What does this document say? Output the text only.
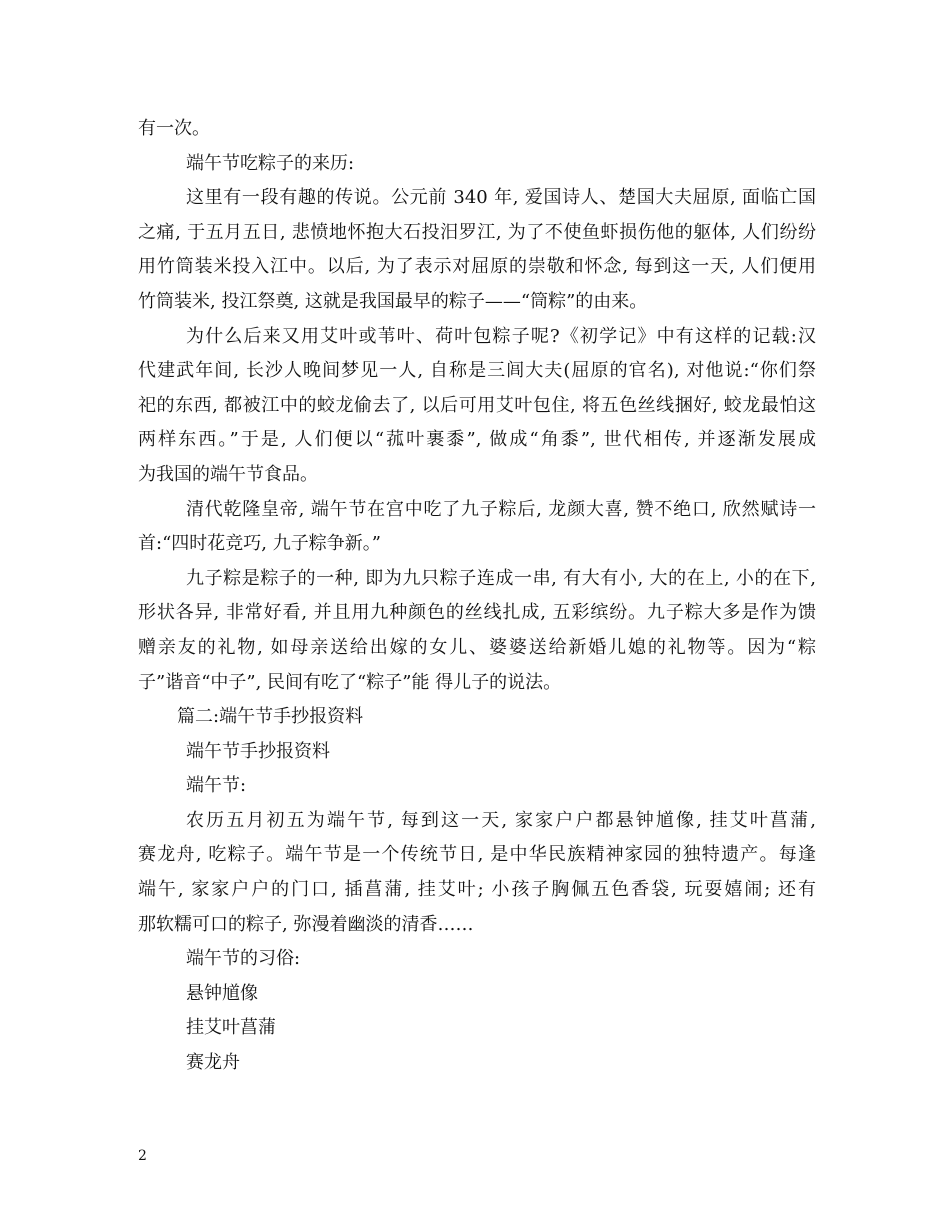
有一次。
端午节吃粽子的来历:
这里有一段有趣的传说。公元前 340 年, 爱国诗人、楚国大夫屈原, 面临亡国
之痛, 于五月五日, 悲愤地怀抱大石投汨罗江, 为了不使鱼虾损伤他的躯体, 人们纷纷
用竹筒装米投入江中。以后, 为了表示对屈原的崇敬和怀念, 每到这一天, 人们便用
竹筒装米, 投江祭奠, 这就是我国最早的粽子——“筒粽”的由来。
为什么后来又用艾叶或苇叶、荷叶包粽子呢?《初学记》中有这样的记载:汉
代建武年间, 长沙人晚间梦见一人, 自称是三闾大夫(屈原的官名), 对他说:“你们祭
祀的东西, 都被江中的蛟龙偷去了, 以后可用艾叶包住, 将五色丝线捆好, 蛟龙最怕这
两样东西。”于是, 人们便以“菰叶裹黍”, 做成“角黍”, 世代相传, 并逐渐发展成
为我国的端午节食品。
清代乾隆皇帝, 端午节在宫中吃了九子粽后, 龙颜大喜, 赞不绝口, 欣然赋诗一
首:“四时花竞巧, 九子粽争新。”
九子粽是粽子的一种, 即为九只粽子连成一串, 有大有小, 大的在上, 小的在下,
形状各异, 非常好看, 并且用九种颜色的丝线扎成, 五彩缤纷。九子粽大多是作为馈
赠亲友的礼物, 如母亲送给出嫁的女儿、婆婆送给新婚儿媳的礼物等。因为“粽
子”谐音“中子”, 民间有吃了“粽子”能 得儿子的说法。
篇二:端午节手抄报资料
端午节手抄报资料
端午节:
农历五月初五为端午节, 每到这一天, 家家户户都悬钟馗像, 挂艾叶菖蒲,
赛龙舟, 吃粽子。端午节是一个传统节日, 是中华民族精神家园的独特遗产。每逢
端午, 家家户户的门口, 插菖蒲, 挂艾叶; 小孩子胸佩五色香袋, 玩耍嬉闹; 还有
那软糯可口的粽子, 弥漫着幽淡的清香……
端午节的习俗:
悬钟馗像
挂艾叶菖蒲
赛龙舟
2
